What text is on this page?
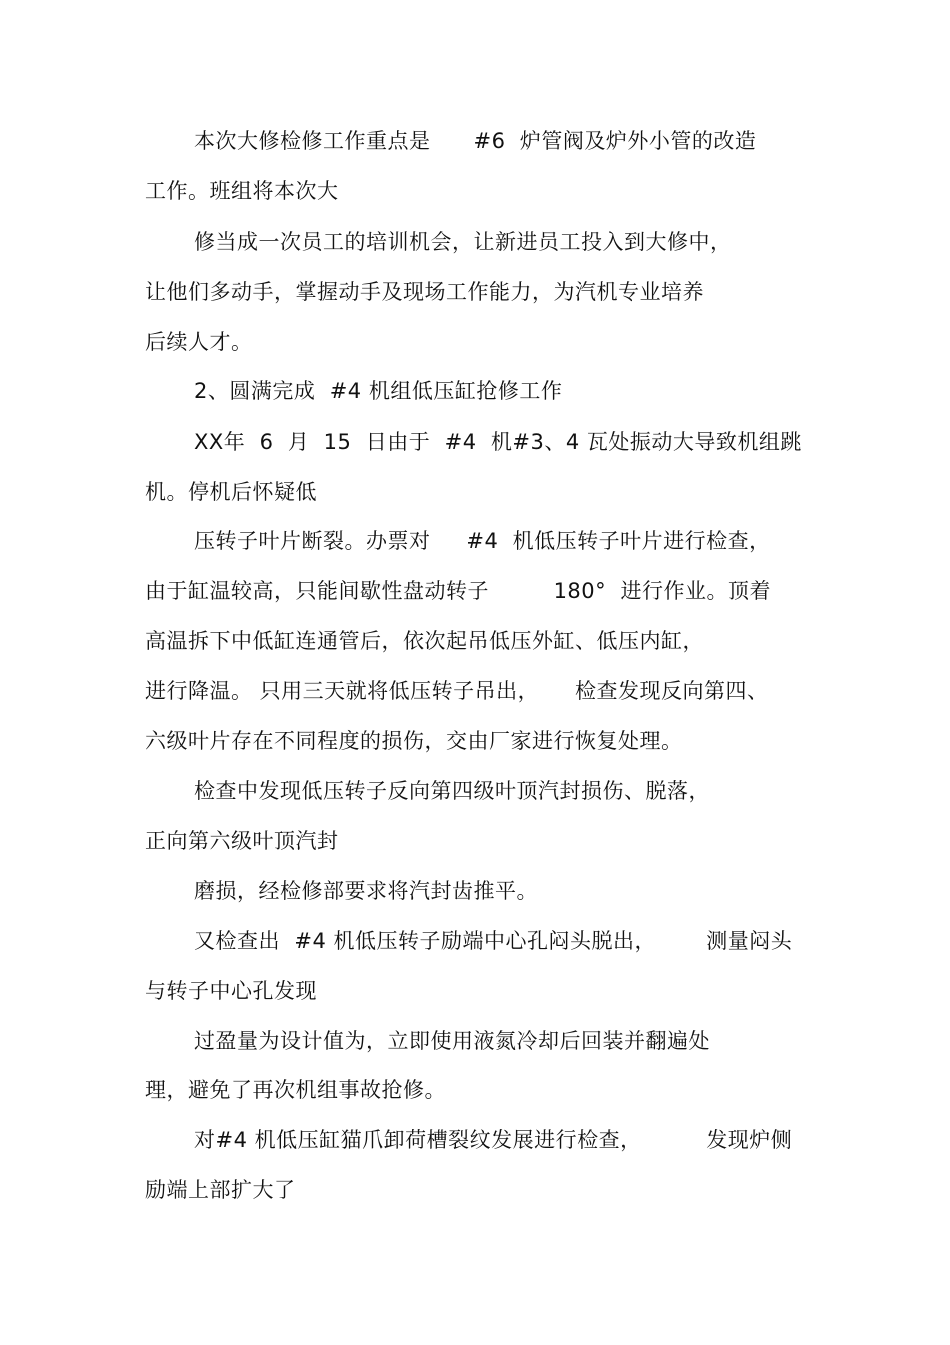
本次大修检修工作重点是      #6  炉管阀及炉外小管的改造
工作。班组将本次大
修当成一次员工的培训机会，让新进员工投入到大修中，
让他们多动手，掌握动手及现场工作能力，为汽机专业培养
后续人才。
2、圆满完成  #4 机组低压缸抢修工作
XX年  6  月  15  日由于  #4  机#3、4 瓦处振动大导致机组跳
机。停机后怀疑低
压转子叶片断裂。办票对     #4  机低压转子叶片进行检查，
由于缸温较高，只能间歇性盘动转子         180°  进行作业。顶着
高温拆下中低缸连通管后，依次起吊低压外缸、低压内缸，
进行降温。 只用三天就将低压转子吊出，     检查发现反向第四、
六级叶片存在不同程度的损伤，交由厂家进行恢复处理。
检查中发现低压转子反向第四级叶顶汽封损伤、脱落，
正向第六级叶顶汽封
磨损，经检修部要求将汽封齿推平。
又检查出  #4 机低压转子励端中心孔闷头脱出，       测量闷头
与转子中心孔发现
过盈量为设计值为，立即使用液氮冷却后回装并翻遍处
理，避免了再次机组事故抢修。
对#4 机低压缸猫爪卸荷槽裂纹发展进行检查，         发现炉侧
励端上部扩大了
